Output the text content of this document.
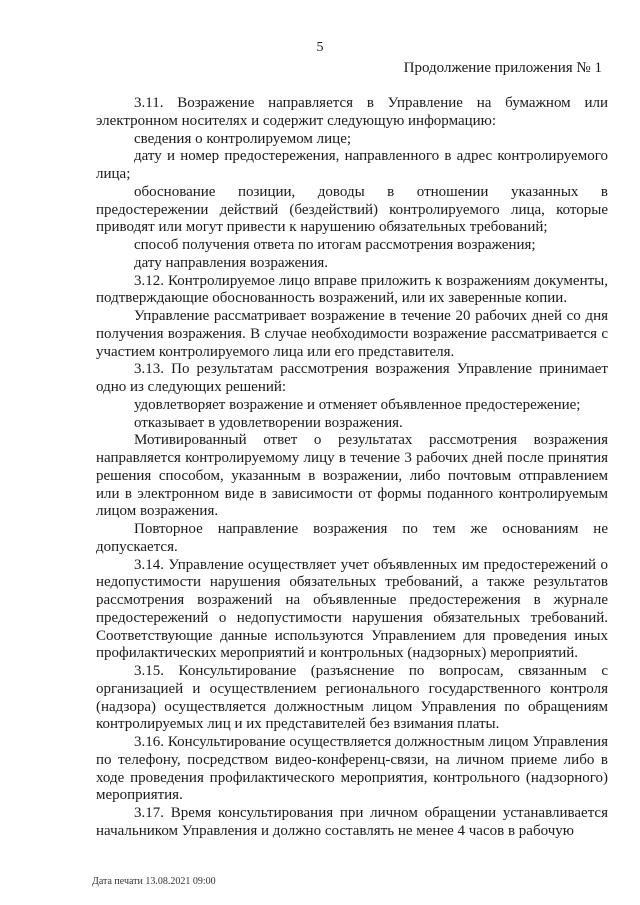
5
Продолжение приложения № 1

3.11. Возражение направляется в Управление на бумажном или электронном носителях и содержит следующую информацию:

сведения о контролируемом лице;

дату и номер предостережения, направленного в адрес контролируемого лица;

обоснование позиции, доводы в отношении указанных в предостережении действий (бездействий) контролируемого лица, которые приводят или могут привести к нарушению обязательных требований;

способ получения ответа по итогам рассмотрения возражения;

дату направления возражения.

3.12. Контролируемое лицо вправе приложить к возражениям документы, подтверждающие обоснованность возражений, или их заверенные копии.

Управление рассматривает возражение в течение 20 рабочих дней со дня получения возражения. В случае необходимости возражение рассматривается с участием контролируемого лица или его представителя.

3.13. По результатам рассмотрения возражения Управление принимает одно из следующих решений:

удовлетворяет возражение и отменяет объявленное предостережение;

отказывает в удовлетворении возражения.

Мотивированный ответ о результатах рассмотрения возражения направляется контролируемому лицу в течение 3 рабочих дней после принятия решения способом, указанным в возражении, либо почтовым отправлением или в электронном виде в зависимости от формы поданного контролируемым лицом возражения.

Повторное направление возражения по тем же основаниям не допускается.

3.14. Управление осуществляет учет объявленных им предостережений о недопустимости нарушения обязательных требований, а также результатов рассмотрения возражений на объявленные предостережения в журнале предостережений о недопустимости нарушения обязательных требований. Соответствующие данные используются Управлением для проведения иных профилактических мероприятий и контрольных (надзорных) мероприятий.

3.15. Консультирование (разъяснение по вопросам, связанным с организацией и осуществлением регионального государственного контроля (надзора) осуществляется должностным лицом Управления по обращениям контролируемых лиц и их представителей без взимания платы.

3.16. Консультирование осуществляется должностным лицом Управления по телефону, посредством видео-конференц-связи, на личном приеме либо в ходе проведения профилактического мероприятия, контрольного (надзорного) мероприятия.

3.17. Время консультирования при личном обращении устанавливается начальником Управления и должно составлять не менее 4 часов в рабочую

Дата печати 13.08.2021 09:00
